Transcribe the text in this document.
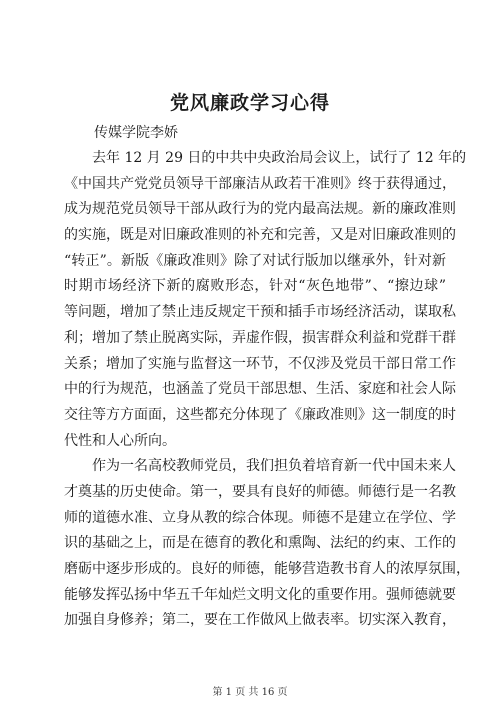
党风廉政学习心得

传媒学院李娇

去年 12 月 29 日的中共中央政治局会议上，试行了 12 年的
《中国共产党党员领导干部廉洁从政若干准则》终于获得通过，
成为规范党员领导干部从政行为的党内最高法规。新的廉政准则
的实施，既是对旧廉政准则的补充和完善，又是对旧廉政准则的
“转正”。新版《廉政准则》除了对试行版加以继承外，针对新
时期市场经济下新的腐败形态，针对“灰色地带”、“擦边球”
等问题，增加了禁止违反规定干预和插手市场经济活动，谋取私
利；增加了禁止脱离实际，弄虚作假，损害群众利益和党群干群
关系；增加了实施与监督这一环节，不仅涉及党员干部日常工作
中的行为规范，也涵盖了党员干部思想、生活、家庭和社会人际
交往等方方面面，这些都充分体现了《廉政准则》这一制度的时
代性和人心所向。
作为一名高校教师党员，我们担负着培育新一代中国未来人
才奠基的历史使命。第一，要具有良好的师德。师德行是一名教
师的道德水准、立身从教的综合体现。师德不是建立在学位、学
识的基础之上，而是在德育的教化和熏陶、法纪的约束、工作的
磨砺中逐步形成的。良好的师德，能够营造教书育人的浓厚氛围，
能够发挥弘扬中华五千年灿烂文明文化的重要作用。强师德就要
加强自身修养；第二，要在工作做风上做表率。切实深入教育，

第 1 页 共 16 页
